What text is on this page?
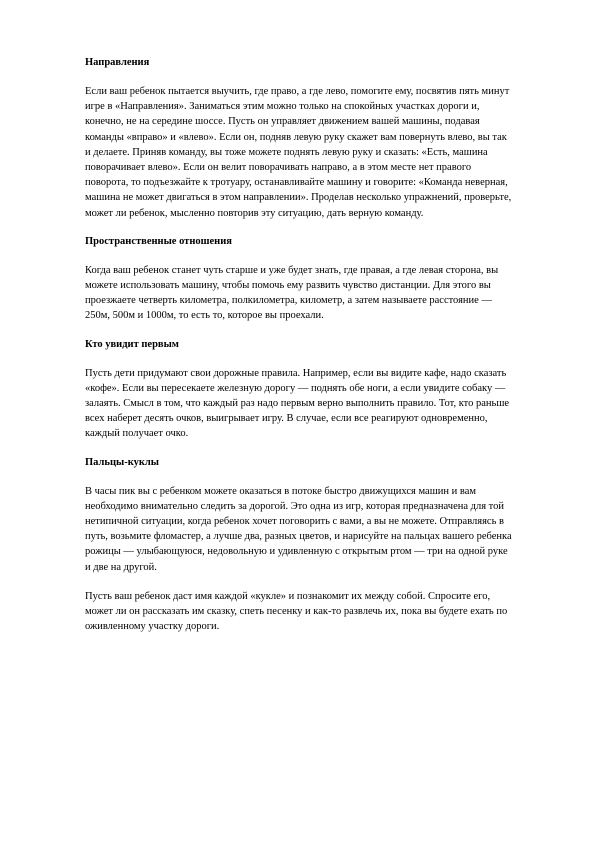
Направления
Если ваш ребенок пытается выучить, где право, а где лево, помогите ему, посвятив пять минут игре в «Направления». Заниматься этим можно только на спокойных участках дороги и, конечно, не на середине шоссе. Пусть он управляет движением вашей машины, подавая команды «вправо» и «влево». Если он, подняв левую руку скажет вам повернуть влево, вы так и делаете. Приняв команду, вы тоже можете поднять левую руку и сказать: «Есть, машина поворачивает влево». Если он велит поворачивать направо, а в этом месте нет правого поворота, то подъезжайте к тротуару, останавливайте машину и говорите: «Команда неверная, машина не может двигаться в этом направлении». Проделав несколько упражнений, проверьте, может ли ребенок, мысленно повторив эту ситуацию, дать верную команду.
Пространственные отношения
Когда ваш ребенок станет чуть старше и уже будет знать, где правая, а где левая сторона, вы можете использовать машину, чтобы помочь ему развить чувство дистанции. Для этого вы проезжаете четверть километра, полкилометра, километр, а затем называете расстояние — 250м, 500м и 1000м, то есть то, которое вы проехали.
Кто увидит первым
Пусть дети придумают свои дорожные правила. Например, если вы видите кафе, надо сказать «кофе». Если вы пересекаете железную дорогу — поднять обе ноги, а если увидите собаку — залаять. Смысл в том, что каждый раз надо первым верно выполнить правило. Тот, кто раньше всех наберет десять очков, выигрывает игру. В случае, если все реагируют одновременно, каждый получает очко.
Пальцы-куклы
В часы пик вы с ребенком можете оказаться в потоке быстро движущихся машин и вам необходимо внимательно следить за дорогой. Это одна из игр, которая предназначена для той нетипичной ситуации, когда ребенок хочет поговорить с вами, а вы не можете. Отправляясь в путь, возьмите фломастер, а лучше два, разных цветов, и нарисуйте на пальцах вашего ребенка рожицы — улыбающуюся, недовольную и удивленную с открытым ртом — три на одной руке и две на другой.
Пусть ваш ребенок даст имя каждой «кукле» и познакомит их между собой. Спросите его, может ли он рассказать им сказку, спеть песенку и как-то развлечь их, пока вы будете ехать по оживленному участку дороги.
